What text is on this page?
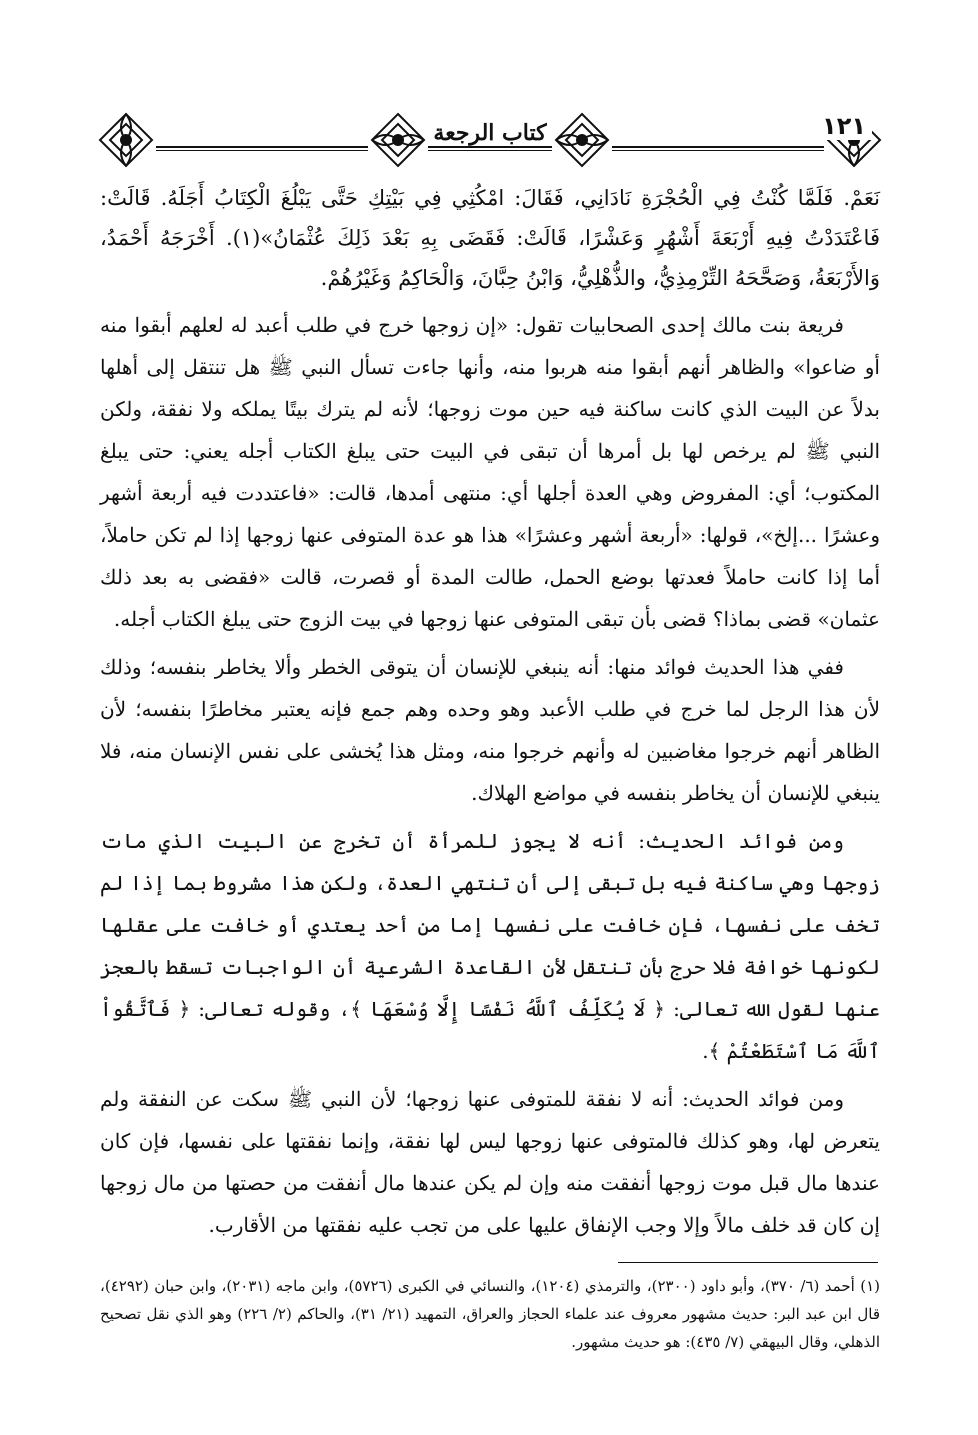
كتاب الرجعة	١٢١

نَعَمْ. فَلَمَّا كُنْتُ فِي الْحُجْرَةِ نَادَانِي، فَقَالَ: امْكُثِي فِي بَيْتِكِ حَتَّى يَبْلُغَ الْكِتَابُ أَجَلَهُ. قَالَتْ: فَاعْتَدَدْتُ فِيهِ أَرْبَعَةَ أَشْهُرٍ وَعَشْرًا، قَالَتْ: فَقَضَى بِهِ بَعْدَ ذَلِكَ عُثْمَانُ»(١). أَخْرَجَهُ أَحْمَدُ، وَالأَرْبَعَةُ، وَصَحَّحَهُ التِّرْمِذِيُّ، والذُّهْلِيُّ، وَابْنُ حِبَّانَ، وَالْحَاكِمُ وَغَيْرُهُمْ.

فريعة بنت مالك إحدى الصحابيات تقول: «إن زوجها خرج في طلب أعبد له لعلهم أبقوا منه أو ضاعوا» والظاهر أنهم أبقوا منه هربوا منه، وأنها جاءت تسأل النبي ﷺ هل تنتقل إلى أهلها بدلاً عن البيت الذي كانت ساكنة فيه حين موت زوجها؛ لأنه لم يترك بيتًا يملكه ولا نفقة، ولكن النبي ﷺ لم يرخص لها بل أمرها أن تبقى في البيت حتى يبلغ الكتاب أجله يعني: حتى يبلغ المكتوب؛ أي: المفروض وهي العدة أجلها أي: منتهى أمدها، قالت: «فاعتددت فيه أربعة أشهر وعشرًا ...إلخ»، قولها: «أربعة أشهر وعشرًا» هذا هو عدة المتوفى عنها زوجها إذا لم تكن حاملاً، أما إذا كانت حاملاً فعدتها بوضع الحمل، طالت المدة أو قصرت، قالت «فقضى به بعد ذلك عثمان» قضى بماذا؟ قضى بأن تبقى المتوفى عنها زوجها في بيت الزوج حتى يبلغ الكتاب أجله.

ففي هذا الحديث فوائد منها: أنه ينبغي للإنسان أن يتوقى الخطر وألا يخاطر بنفسه؛ وذلك لأن هذا الرجل لما خرج في طلب الأعبد وهو وحده وهم جمع فإنه يعتبر مخاطرًا بنفسه؛ لأن الظاهر أنهم خرجوا مغاضبين له وأنهم خرجوا منه، ومثل هذا يُخشى على نفس الإنسان منه، فلا ينبغي للإنسان أن يخاطر بنفسه في مواضع الهلاك.

ومن فوائد الحديث: أنه لا يجوز للمرأة أن تخرج عن البيت الذي مات زوجها وهي ساكنة فيه بل تبقى إلى أن تنتهي العدة، ولكن هذا مشروط بما إذا لم تخف على نفسها، فإن خافت على نفسها إما من أحد يعتدي أو خافت على عقلها لكونها خوافة فلا حرج بأن تنتقل لأن القاعدة الشرعية أن الواجبات تسقط بالعجز عنها لقول الله تعالى: ﴿ لَا يُكَلِّفُ ٱللَّهُ نَفْسًا إِلَّا وُسْعَهَا ﴾، وقوله تعالى: ﴿ فَٱتَّقُواْ ٱللَّهَ مَا ٱسْتَطَعْتُمْ ﴾.

ومن فوائد الحديث: أنه لا نفقة للمتوفى عنها زوجها؛ لأن النبي ﷺ سكت عن النفقة ولم يتعرض لها، وهو كذلك فالمتوفى عنها زوجها ليس لها نفقة، وإنما نفقتها على نفسها، فإن كان عندها مال قبل موت زوجها أنفقت منه وإن لم يكن عندها مال أنفقت من حصتها من مال زوجها إن كان قد خلف مالاً وإلا وجب الإنفاق عليها على من تجب عليه نفقتها من الأقارب.

(١) أحمد (٦/ ٣٧٠)، وأبو داود (٢٣٠٠)، والترمذي (١٢٠٤)، والنسائي في الكبرى (٥٧٢٦)، وابن ماجه (٢٠٣١)، وابن حبان (٤٢٩٢)، قال ابن عبد البر: حديث مشهور معروف عند علماء الحجاز والعراق، التمهيد (٢١/ ٣١)، والحاكم (٢/ ٢٢٦) وهو الذي نقل تصحيح الذهلي، وقال البيهقي (٧/ ٤٣٥): هو حديث مشهور.
